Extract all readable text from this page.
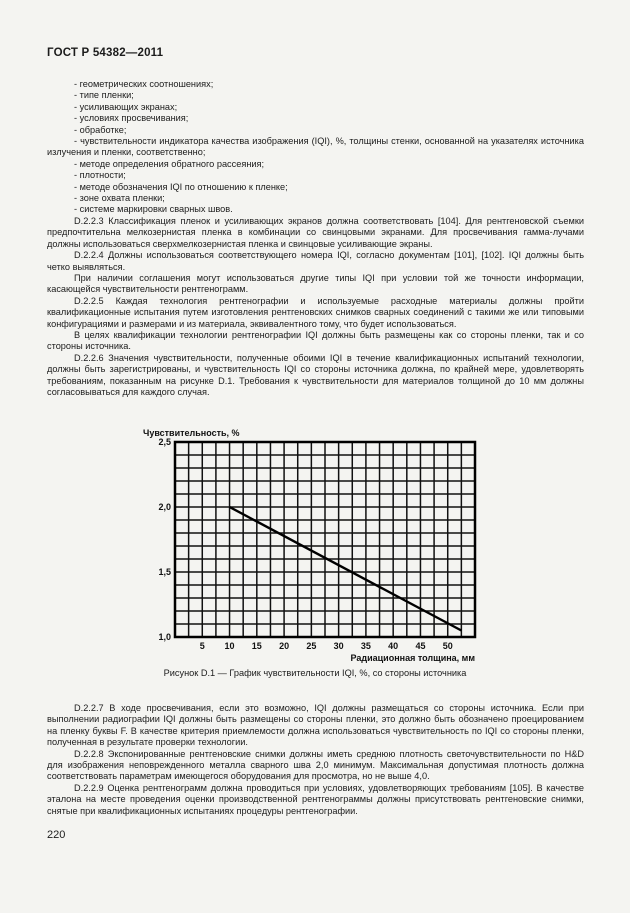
ГОСТ Р 54382—2011

- геометрических соотношениях;

- типе пленки;

- усиливающих экранах;

- условиях просвечивания;

- обработке;

- чувствительности индикатора качества изображения (IQI), %, толщины стенки, основанной на указателях источника излучения и пленки, соответственно;

- методе определения обратного рассеяния;

- плотности;

- методе обозначения IQI по отношению к пленке;

- зоне охвата пленки;

- системе маркировки сварных швов.

D.2.2.3 Классификация пленок и усиливающих экранов должна соответствовать [104]. Для рентгеновской съемки предпочтительна мелкозернистая пленка в комбинации со свинцовыми экранами. Для просвечивания гамма-лучами должны использоваться сверхмелкозернистая пленка и свинцовые усиливающие экраны.

D.2.2.4 Должны использоваться соответствующего номера IQI, согласно документам [101], [102]. IQI должны быть четко выявляться.

При наличии соглашения могут использоваться другие типы IQI при условии той же точности информации, касающейся чувствительности рентгенограмм.

D.2.2.5 Каждая технология рентгенографии и используемые расходные материалы должны пройти квалификационные испытания путем изготовления рентгеновских снимков сварных соединений с такими же или типовыми конфигурациями и размерами и из материала, эквивалентного тому, что будет использоваться.

В целях квалификации технологии рентгенографии IQI должны быть размещены как со стороны пленки, так и со стороны источника.

D.2.2.6 Значения чувствительности, полученные обоими IQI в течение квалификационных испытаний технологии, должны быть зарегистрированы, и чувствительность IQI со стороны источника должна, по крайней мере, удовлетворять требованиям, показанным на рисунке D.1. Требования к чувствительности для материалов толщиной до 10 мм должны согласовываться для каждого случая.

1,0
1,5
2,0
2,5
5 10 15 20 25 30 35 40 45 50
Чувствительность, %
Радиационная толщина, мм
Рисунок D.1 — График чувствительности IQI, %, со стороны источника

D.2.2.7 В ходе просвечивания, если это возможно, IQI должны размещаться со стороны источника. Если при выполнении радиографии IQI должны быть размещены со стороны пленки, это должно быть обозначено проецированием на пленку буквы F. В качестве критерия приемлемости должна использоваться чувствительность по IQI со стороны пленки, полученная в результате проверки технологии.

D.2.2.8 Экспонированные рентгеновские снимки должны иметь среднюю плотность светочувствительности по H&D для изображения неповрежденного металла сварного шва 2,0 минимум. Максимальная допустимая плотность должна соответствовать параметрам имеющегося оборудования для просмотра, но не выше 4,0.

D.2.2.9 Оценка рентгенограмм должна проводиться при условиях, удовлетворяющих требованиям [105]. В качестве эталона на месте проведения оценки производственной рентгенограммы должны присутствовать рентгеновские снимки, снятые при квалификационных испытаниях процедуры рентгенографии.

220
